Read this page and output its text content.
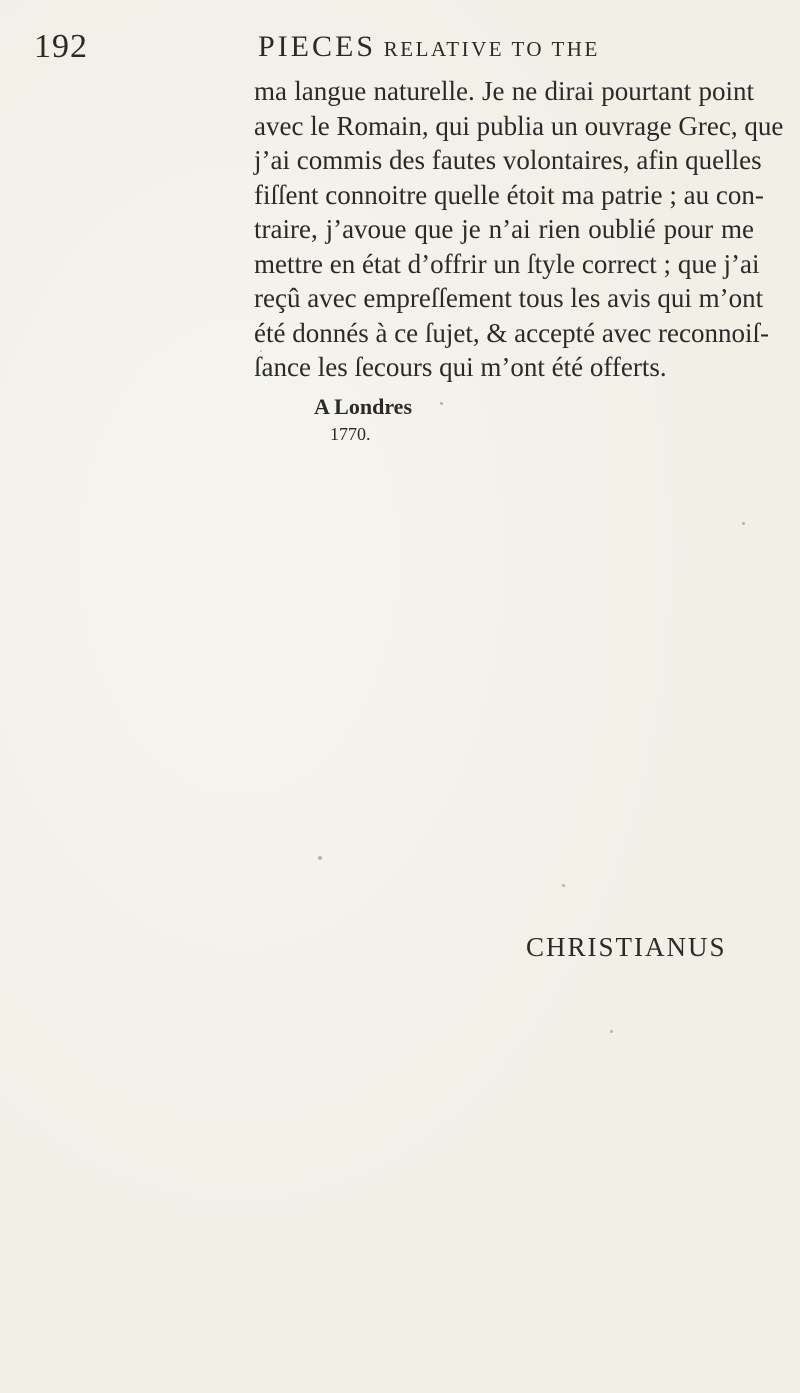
192	PIECES RELATIVE TO THE
ma langue naturelle. Je ne dirai pourtant point
avec le Romain, qui publia un ouvrage Grec, que
j’ai commis des fautes volontaires, afin quelles
fiſſent connoitre quelle étoit ma patrie ; au con-
traire, j’avoue que je n’ai rien oublié pour me
mettre en état d’offrir un ſtyle correct ; que j’ai
reçû avec empreſſement tous les avis qui m’ont
été donnés à ce ſujet, & accepté avec reconnoiſ-
ſance les ſecours qui m’ont été offerts.
A Londres
1770.
CHRISTIANUS
